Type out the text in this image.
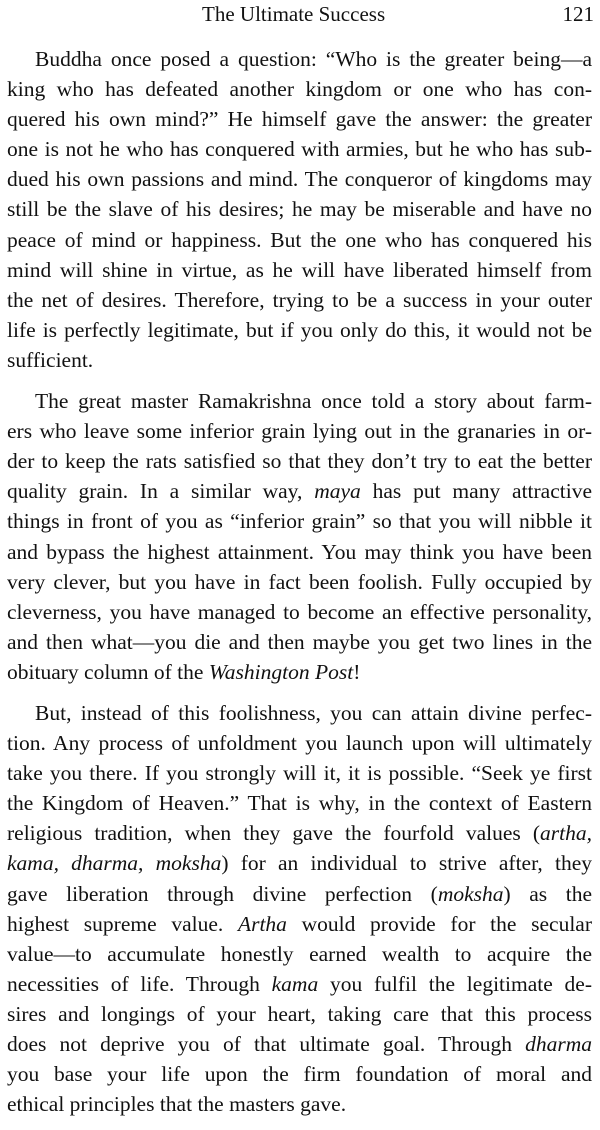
The Ultimate Success	121
Buddha once posed a question: “Who is the greater being—a
king who has defeated another kingdom or one who has con-
quered his own mind?” He himself gave the answer: the greater
one is not he who has conquered with armies, but he who has sub-
dued his own passions and mind. The conqueror of kingdoms may
still be the slave of his desires; he may be miserable and have no
peace of mind or happiness. But the one who has conquered his
mind will shine in virtue, as he will have liberated himself from
the net of desires. Therefore, trying to be a success in your outer
life is perfectly legitimate, but if you only do this, it would not be
sufficient.
The great master Ramakrishna once told a story about farm-
ers who leave some inferior grain lying out in the granaries in or-
der to keep the rats satisfied so that they don’t try to eat the better
quality grain. In a similar way, maya has put many attractive
things in front of you as “inferior grain” so that you will nibble it
and bypass the highest attainment. You may think you have been
very clever, but you have in fact been foolish. Fully occupied by
cleverness, you have managed to become an effective personality,
and then what—you die and then maybe you get two lines in the
obituary column of the Washington Post!
But, instead of this foolishness, you can attain divine perfec-
tion. Any process of unfoldment you launch upon will ultimately
take you there. If you strongly will it, it is possible. “Seek ye first
the Kingdom of Heaven.” That is why, in the context of Eastern
religious tradition, when they gave the fourfold values (artha,
kama, dharma, moksha) for an individual to strive after, they
gave liberation through divine perfection (moksha) as the
highest supreme value. Artha would provide for the secular
value—to accumulate honestly earned wealth to acquire the
necessities of life. Through kama you fulfil the legitimate de-
sires and longings of your heart, taking care that this process
does not deprive you of that ultimate goal. Through dharma
you base your life upon the firm foundation of moral and
ethical principles that the masters gave.
